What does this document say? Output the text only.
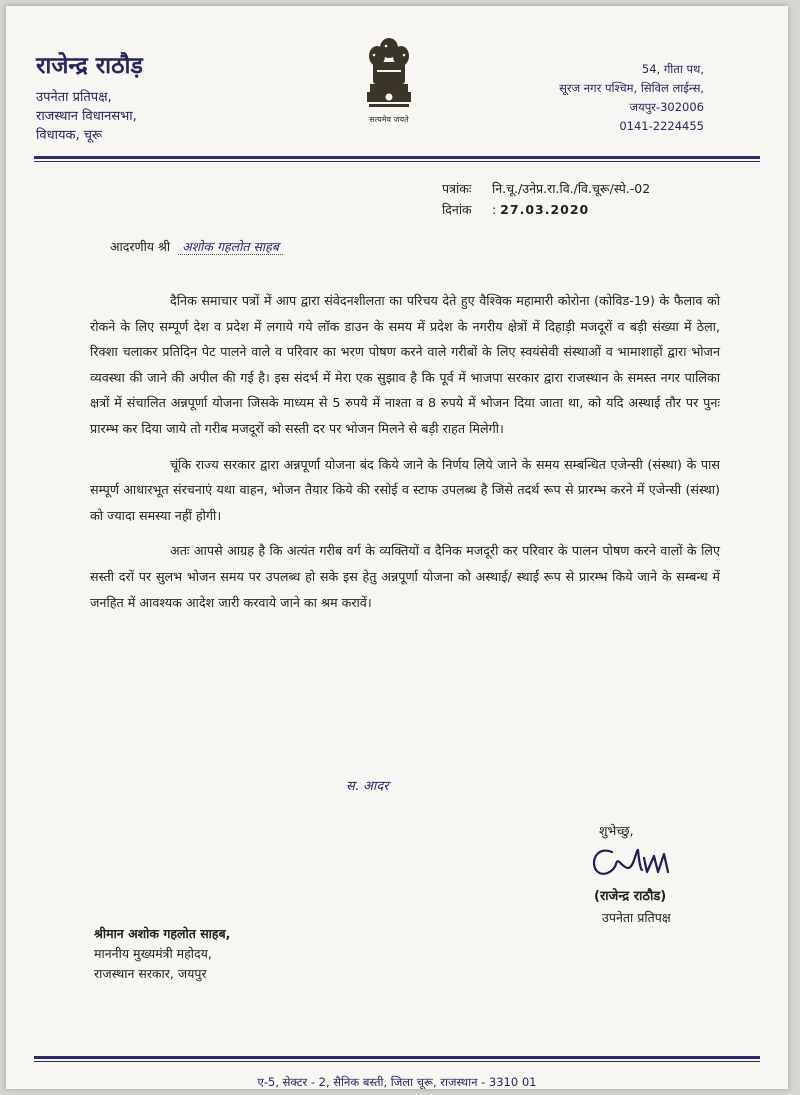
राजेन्द्र राठौड़
उपनेता प्रतिपक्ष,
राजस्थान विधानसभा,
विधायक, चूरू
सत्यमेव जयते
54, गीता पथ,
सूरज नगर पश्चिम, सिविल लाईन्स,
जयपुर-302006
0141-2224455
पत्रांकः नि.चू./उनेप्र.रा.वि./वि.चूरू/स्पे.-02
दिनांक : 27.03.2020
आदरणीय श्री अशोक गहलोत साहब

दैनिक समाचार पत्रों में आप द्वारा संवेदनशीलता का परिचय देते हुए वैश्विक महामारी कोरोना (कोविड-19) के फैलाव को रोकने के लिए सम्पूर्ण देश व प्रदेश में लगाये गये लॉक डाउन के समय में प्रदेश के नगरीय क्षेत्रों में दिहाड़ी मजदूरों व बड़ी संख्या में ठेला, रिक्शा चलाकर प्रतिदिन पेट पालने वाले व परिवार का भरण पोषण करने वाले गरीबों के लिए स्वयंसेवी संस्थाओं व भामाशाहों द्वारा भोजन व्यवस्था की जाने की अपील की गई है। इस संदर्भ में मेरा एक सुझाव है कि पूर्व में भाजपा सरकार द्वारा राजस्थान के समस्त नगर पालिका क्षत्रों में संचालित अन्नपूर्णा योजना जिसके माध्यम से 5 रुपये में नाश्ता व 8 रुपये में भोजन दिया जाता था, को यदि अस्थाई तौर पर पुनः प्रारम्भ कर दिया जाये तो गरीब मजदूरों को सस्ती दर पर भोजन मिलने से बड़ी राहत मिलेगी।

चूंकि राज्य सरकार द्वारा अन्नपूर्णा योजना बंद किये जाने के निर्णय लिये जाने के समय सम्बन्धित एजेन्सी (संस्था) के पास सम्पूर्ण आधारभूत संरचनाएं यथा वाहन, भोजन तैयार किये की रसोई व स्टाफ उपलब्ध है जिसे तदर्थ रूप से प्रारम्भ करने में एजेन्सी (संस्था) को ज्यादा समस्या नहीं होगी।

अतः आपसे आग्रह है कि अत्यंत गरीब वर्ग के व्यक्तियों व दैनिक मजदूरी कर परिवार के पालन पोषण करने वालों के लिए सस्ती दरों पर सुलभ भोजन समय पर उपलब्ध हो सके इस हेतु अन्नपूर्णा योजना को अस्थाई/ स्थाई रूप से प्रारम्भ किये जाने के सम्बन्ध में जनहित में आवश्यक आदेश जारी करवाये जाने का श्रम करावें।

स. आदर
शुभेच्छु,
(राजेन्द्र राठौड)
उपनेता प्रतिपक्ष
श्रीमान अशोक गहलोत साहब,
माननीय मुख्यमंत्री महोदय,
राजस्थान सरकार, जयपुर
ए-5, सेक्टर - 2, सैनिक बस्ती, जिला चूरू, राजस्थान - 3310 01
